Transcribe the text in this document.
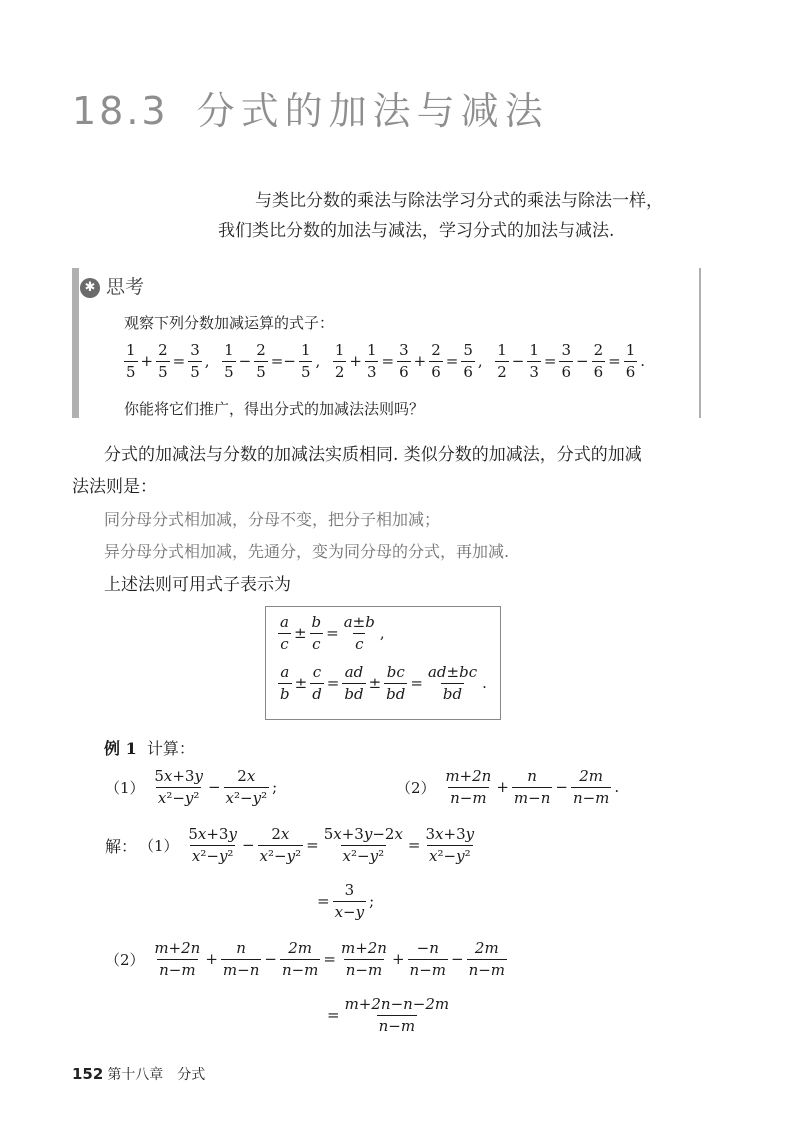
18.3 分式的加法与减法
与类比分数的乘法与除法学习分式的乘法与除法一样，
我们类比分数的加法与减法，学习分式的加法与减法.
✱ 思考
观察下列分数加减运算的式子：
$\frac{1}{5} + \frac{2}{5} = \frac{3}{5}$ , $\frac{1}{5} - \frac{2}{5} =- \frac{1}{5}$ , $\frac{1}{2} + \frac{1}{3} = \frac{3}{6} + \frac{2}{6} = \frac{5}{6}$ , $\frac{1}{2} - \frac{1}{3} = \frac{3}{6} - \frac{2}{6} = \frac{1}{6}$ .
你能将它们推广，得出分式的加减法法则吗？
分式的加减法与分数的加减法实质相同. 类似分数的加减法，分式的加减
法法则是：
同分母分式相加减，分母不变，把分子相加减；
异分母分式相加减，先通分，变为同分母的分式，再加减.
上述法则可用式子表示为
$\frac{a}{c} \pm \frac{b}{c} = \frac{a\pm b}{c}$ ,
$\frac{a}{b} \pm \frac{c}{d} = \frac{ad}{bd} \pm \frac{bc}{bd} = \frac{ad\pm bc}{bd}$ .
例 1 计算：
$(1) \frac{5x+3y}{\text{x²−y²}} - \frac{2x}{\text{x²−y²}}$ ;	$(2) \frac{m+2n}{n-m} + \frac{n}{m-n} - \frac{2m}{n-m}$ .
解： $(1) \frac{5x+3y}{\text{x²−y²}} - \frac{2x}{\text{x²−y²}} = \frac{5x+3y-2x}{\text{x²−y²}} = \frac{3x+3y}{\text{x²−y²}}$
= $\frac{3}{x-y}$ ;
$(2) \frac{m+2n}{n-m} + \frac{n}{m-n} - \frac{2m}{n-m} = \frac{m+2n}{n-m} + \frac{-n}{n-m} - \frac{2m}{n-m}$
= $\frac{m+2n-n-2m}{n-m}$
152 第十八章　分式
